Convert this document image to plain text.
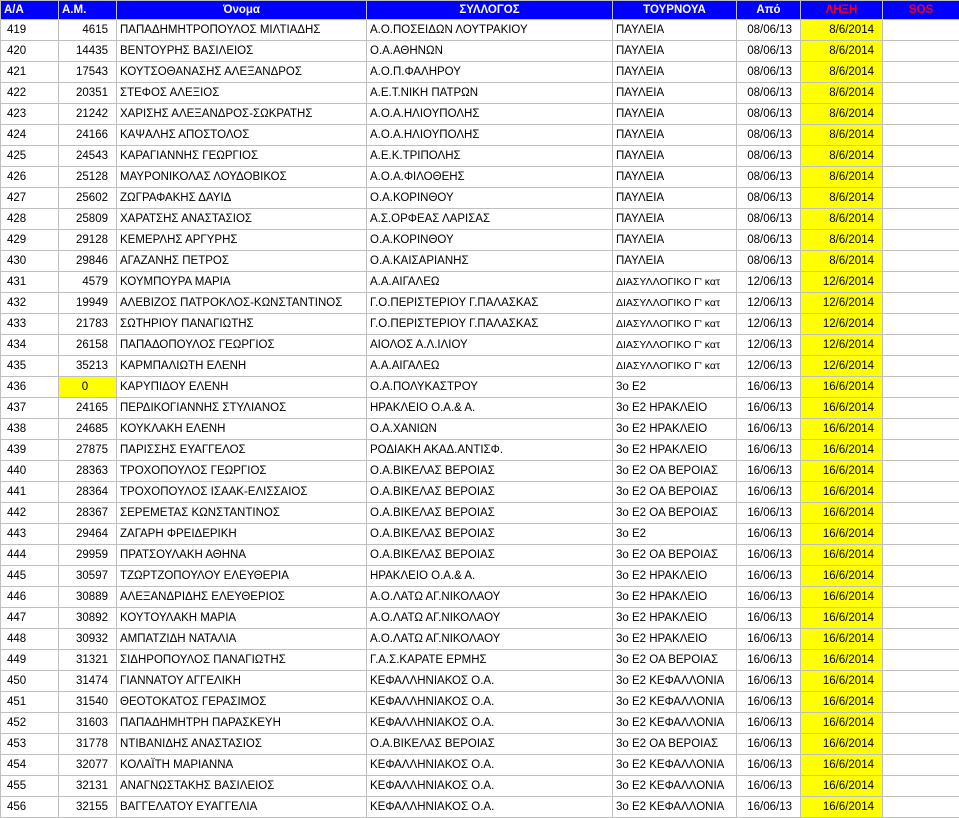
A/A	A.M.	Όνομα	ΣΥΛΛΟΓΟΣ	ΤΟΥΡΝΟΥΑ	Από	ΛΗΞΗ	SOS
419	4615	ΠΑΠΑΔΗΜΗΤΡΟΠΟΥΛΟΣ ΜΙΛΤΙΑΔΗΣ	Α.Ο.ΠΟΣΕΙΔΩΝ ΛΟΥΤΡΑΚΙΟΥ	ΠΑΥΛΕΙΑ	08/06/13	8/6/2014	
420	14435	ΒΕΝΤΟΥΡΗΣ ΒΑΣΙΛΕΙΟΣ	Ο.Α.ΑΘΗΝΩΝ	ΠΑΥΛΕΙΑ	08/06/13	8/6/2014	
421	17543	ΚΟΥΤΣΟΘΑΝΑΣΗΣ ΑΛΕΞΑΝΔΡΟΣ	Α.Ο.Π.ΦΑΛΗΡΟΥ	ΠΑΥΛΕΙΑ	08/06/13	8/6/2014	
422	20351	ΣΤΕΦΟΣ ΑΛΕΞΙΟΣ	Α.Ε.Τ.ΝΙΚΗ ΠΑΤΡΩΝ	ΠΑΥΛΕΙΑ	08/06/13	8/6/2014	
423	21242	ΧΑΡΙΣΗΣ ΑΛΕΞΑΝΔΡΟΣ-ΣΩΚΡΑΤΗΣ	Α.Ο.Α.ΗΛΙΟΥΠΟΛΗΣ	ΠΑΥΛΕΙΑ	08/06/13	8/6/2014	
424	24166	ΚΑΨΑΛΗΣ ΑΠΟΣΤΟΛΟΣ	Α.Ο.Α.ΗΛΙΟΥΠΟΛΗΣ	ΠΑΥΛΕΙΑ	08/06/13	8/6/2014	
425	24543	ΚΑΡΑΓΙΑΝΝΗΣ ΓΕΩΡΓΙΟΣ	Α.Ε.Κ.ΤΡΙΠΟΛΗΣ	ΠΑΥΛΕΙΑ	08/06/13	8/6/2014	
426	25128	ΜΑΥΡΟΝΙΚΟΛΑΣ ΛΟΥΔΟΒΙΚΟΣ	Α.Ο.Α.ΦΙΛΟΘΕΗΣ	ΠΑΥΛΕΙΑ	08/06/13	8/6/2014	
427	25602	ΖΩΓΡΑΦΑΚΗΣ ΔΑΥΙΔ	Ο.Α.ΚΟΡΙΝΘΟΥ	ΠΑΥΛΕΙΑ	08/06/13	8/6/2014	
428	25809	ΧΑΡΑΤΣΗΣ ΑΝΑΣΤΑΣΙΟΣ	Α.Σ.ΟΡΦΕΑΣ ΛΑΡΙΣΑΣ	ΠΑΥΛΕΙΑ	08/06/13	8/6/2014	
429	29128	ΚΕΜΕΡΛΗΣ ΑΡΓΥΡΗΣ	Ο.Α.ΚΟΡΙΝΘΟΥ	ΠΑΥΛΕΙΑ	08/06/13	8/6/2014	
430	29846	ΑΓΑΖΑΝΗΣ ΠΕΤΡΟΣ	Ο.Α.ΚΑΙΣΑΡΙΑΝΗΣ	ΠΑΥΛΕΙΑ	08/06/13	8/6/2014	
431	4579	ΚΟΥΜΠΟΥΡΑ ΜΑΡΙΑ	Α.Α.ΑΙΓΑΛΕΩ	ΔΙΑΣΥΛΛΟΓΙΚΟ Γ' κατ	12/06/13	12/6/2014	
432	19949	ΑΛΕΒΙΖΟΣ ΠΑΤΡΟΚΛΟΣ-ΚΩΝΣΤΑΝΤΙΝΟΣ	Γ.Ο.ΠΕΡΙΣΤΕΡΙΟΥ Γ.ΠΑΛΑΣΚΑΣ	ΔΙΑΣΥΛΛΟΓΙΚΟ Γ' κατ	12/06/13	12/6/2014	
433	21783	ΣΩΤΗΡΙΟΥ ΠΑΝΑΓΙΩΤΗΣ	Γ.Ο.ΠΕΡΙΣΤΕΡΙΟΥ Γ.ΠΑΛΑΣΚΑΣ	ΔΙΑΣΥΛΛΟΓΙΚΟ Γ' κατ	12/06/13	12/6/2014	
434	26158	ΠΑΠΑΔΟΠΟΥΛΟΣ ΓΕΩΡΓΙΟΣ	ΑΙΟΛΟΣ Α.Λ.ΙΛΙΟΥ	ΔΙΑΣΥΛΛΟΓΙΚΟ Γ' κατ	12/06/13	12/6/2014	
435	35213	ΚΑΡΜΠΑΛΙΩΤΗ ΕΛΕΝΗ	Α.Α.ΑΙΓΑΛΕΩ	ΔΙΑΣΥΛΛΟΓΙΚΟ Γ' κατ	12/06/13	12/6/2014	
436	0	ΚΑΡΥΠΙΔΟΥ ΕΛΕΝΗ	Ο.Α.ΠΟΛΥΚΑΣΤΡΟΥ	3ο Ε2	16/06/13	16/6/2014	
437	24165	ΠΕΡΔΙΚΟΓΙΑΝΝΗΣ ΣΤΥΛΙΑΝΟΣ	ΗΡΑΚΛΕΙΟ Ο.Α.& Α.	3ο Ε2 ΗΡΑΚΛΕΙΟ	16/06/13	16/6/2014	
438	24685	ΚΟΥΚΛΑΚΗ ΕΛΕΝΗ	Ο.Α.ΧΑΝΙΩΝ	3ο Ε2 ΗΡΑΚΛΕΙΟ	16/06/13	16/6/2014	
439	27875	ΠΑΡΙΣΣΗΣ ΕΥΑΓΓΕΛΟΣ	ΡΟΔΙΑΚΗ ΑΚΑΔ.ΑΝΤΙΣΦ.	3ο Ε2 ΗΡΑΚΛΕΙΟ	16/06/13	16/6/2014	
440	28363	ΤΡΟΧΟΠΟΥΛΟΣ ΓΕΩΡΓΙΟΣ	Ο.Α.ΒΙΚΕΛΑΣ ΒΕΡΟΙΑΣ	3ο Ε2 ΟΑ ΒΕΡΟΙΑΣ	16/06/13	16/6/2014	
441	28364	ΤΡΟΧΟΠΟΥΛΟΣ ΙΣΑΑΚ-ΕΛΙΣΣΑΙΟΣ	Ο.Α.ΒΙΚΕΛΑΣ ΒΕΡΟΙΑΣ	3ο Ε2 ΟΑ ΒΕΡΟΙΑΣ	16/06/13	16/6/2014	
442	28367	ΣΕΡΕΜΕΤΑΣ ΚΩΝΣΤΑΝΤΙΝΟΣ	Ο.Α.ΒΙΚΕΛΑΣ ΒΕΡΟΙΑΣ	3ο Ε2 ΟΑ ΒΕΡΟΙΑΣ	16/06/13	16/6/2014	
443	29464	ΖΑΓΑΡΗ ΦΡΕΙΔΕΡΙΚΗ	Ο.Α.ΒΙΚΕΛΑΣ ΒΕΡΟΙΑΣ	3ο Ε2	16/06/13	16/6/2014	
444	29959	ΠΡΑΤΣΟΥΛΑΚΗ ΑΘΗΝΑ	Ο.Α.ΒΙΚΕΛΑΣ ΒΕΡΟΙΑΣ	3ο Ε2 ΟΑ ΒΕΡΟΙΑΣ	16/06/13	16/6/2014	
445	30597	ΤΖΩΡΤΖΟΠΟΥΛΟΥ ΕΛΕΥΘΕΡΙΑ	ΗΡΑΚΛΕΙΟ Ο.Α.& Α.	3ο Ε2 ΗΡΑΚΛΕΙΟ	16/06/13	16/6/2014	
446	30889	ΑΛΕΞΑΝΔΡΙΔΗΣ ΕΛΕΥΘΕΡΙΟΣ	Α.Ο.ΛΑΤΩ ΑΓ.ΝΙΚΟΛΑΟΥ	3ο Ε2 ΗΡΑΚΛΕΙΟ	16/06/13	16/6/2014	
447	30892	ΚΟΥΤΟΥΛΑΚΗ ΜΑΡΙΑ	Α.Ο.ΛΑΤΩ ΑΓ.ΝΙΚΟΛΑΟΥ	3ο Ε2 ΗΡΑΚΛΕΙΟ	16/06/13	16/6/2014	
448	30932	ΑΜΠΑΤΖΙΔΗ ΝΑΤΑΛΙΑ	Α.Ο.ΛΑΤΩ ΑΓ.ΝΙΚΟΛΑΟΥ	3ο Ε2 ΗΡΑΚΛΕΙΟ	16/06/13	16/6/2014	
449	31321	ΣΙΔΗΡΟΠΟΥΛΟΣ ΠΑΝΑΓΙΩΤΗΣ	Γ.Α.Σ.ΚΑΡΑΤΕ ΕΡΜΗΣ	3ο Ε2 ΟΑ ΒΕΡΟΙΑΣ	16/06/13	16/6/2014	
450	31474	ΓΙΑΝΝΑΤΟΥ ΑΓΓΕΛΙΚΗ	ΚΕΦΑΛΛΗΝΙΑΚΟΣ Ο.Α.	3ο Ε2 ΚΕΦΑΛΛΟΝΙΑ	16/06/13	16/6/2014	
451	31540	ΘΕΟΤΟΚΑΤΟΣ ΓΕΡΑΣΙΜΟΣ	ΚΕΦΑΛΛΗΝΙΑΚΟΣ Ο.Α.	3ο Ε2 ΚΕΦΑΛΛΟΝΙΑ	16/06/13	16/6/2014	
452	31603	ΠΑΠΑΔΗΜΗΤΡΗ ΠΑΡΑΣΚΕΥΗ	ΚΕΦΑΛΛΗΝΙΑΚΟΣ Ο.Α.	3ο Ε2 ΚΕΦΑΛΛΟΝΙΑ	16/06/13	16/6/2014	
453	31778	ΝΤΙΒΑΝΙΔΗΣ ΑΝΑΣΤΑΣΙΟΣ	Ο.Α.ΒΙΚΕΛΑΣ ΒΕΡΟΙΑΣ	3ο Ε2 ΟΑ ΒΕΡΟΙΑΣ	16/06/13	16/6/2014	
454	32077	ΚΟΛΑΪΤΗ ΜΑΡΙΑΝΝΑ	ΚΕΦΑΛΛΗΝΙΑΚΟΣ Ο.Α.	3ο Ε2 ΚΕΦΑΛΛΟΝΙΑ	16/06/13	16/6/2014	
455	32131	ΑΝΑΓΝΩΣΤΑΚΗΣ ΒΑΣΙΛΕΙΟΣ	ΚΕΦΑΛΛΗΝΙΑΚΟΣ Ο.Α.	3ο Ε2 ΚΕΦΑΛΛΟΝΙΑ	16/06/13	16/6/2014	
456	32155	ΒΑΓΓΕΛΑΤΟΥ ΕΥΑΓΓΕΛΙΑ	ΚΕΦΑΛΛΗΝΙΑΚΟΣ Ο.Α.	3ο Ε2 ΚΕΦΑΛΛΟΝΙΑ	16/06/13	16/6/2014	
